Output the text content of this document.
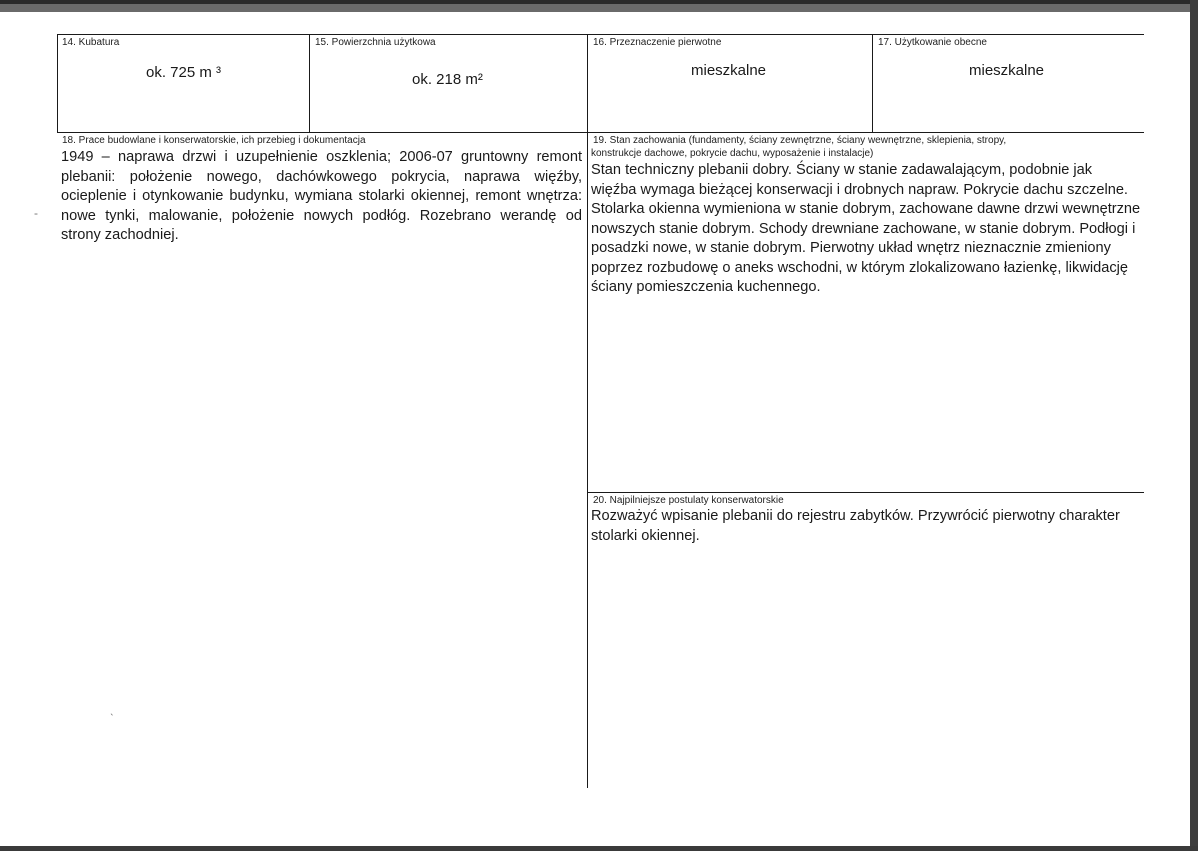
14. Kubatura
ok. 725 m ³
15. Powierzchnia użytkowa
ok. 218 m²
16. Przeznaczenie pierwotne
mieszkalne
17. Użytkowanie obecne
mieszkalne
18. Prace budowlane i konserwatorskie, ich przebieg i dokumentacja
1949 – naprawa drzwi i uzupełnienie oszklenia; 2006-07 gruntowny remont plebanii: położenie nowego, dachówkowego pokrycia, naprawa więźby, ocieplenie i otynkowanie budynku, wymiana stolarki okiennej, remont wnętrza: nowe tynki, malowanie, położenie nowych podłóg. Rozebrano werandę od strony zachodniej.
19. Stan zachowania (fundamenty, ściany zewnętrzne, ściany wewnętrzne, sklepienia, stropy,
konstrukcje dachowe, pokrycie dachu, wyposażenie i instalacje)
Stan techniczny plebanii dobry. Ściany w stanie zadawalającym, podobnie jak więźba wymaga bieżącej konserwacji i drobnych napraw. Pokrycie dachu szczelne. Stolarka okienna wymieniona w stanie dobrym, zachowane dawne drzwi wewnętrzne nowszych stanie dobrym. Schody drewniane zachowane, w stanie dobrym. Podłogi i posadzki nowe, w stanie dobrym. Pierwotny układ wnętrz nieznacznie zmieniony poprzez rozbudowę o aneks wschodni, w którym zlokalizowano łazienkę, likwidację ściany pomieszczenia kuchennego.
20. Najpilniejsze postulaty konserwatorskie
Rozważyć wpisanie plebanii do rejestru zabytków. Przywrócić pierwotny charakter stolarki okiennej.
-
ˎ
